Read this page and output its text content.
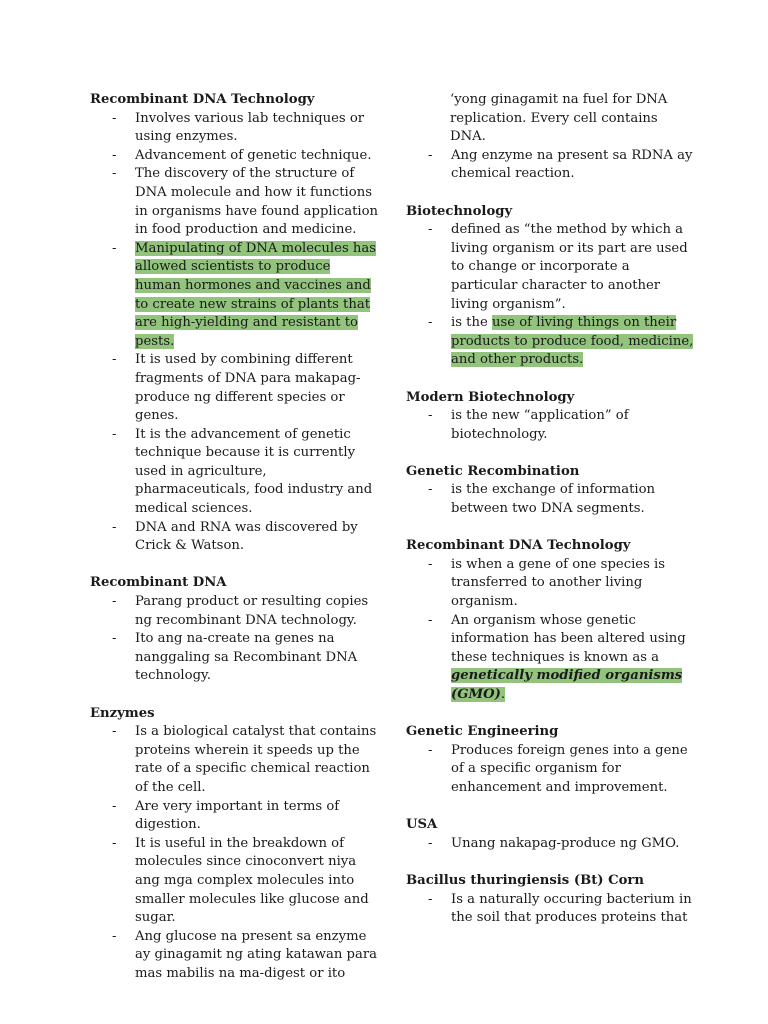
Recombinant DNA Technology

- Involves various lab techniques or using enzymes.
- Advancement of genetic technique.
- The discovery of the structure of DNA molecule and how it functions in organisms have found application in food production and medicine.
- Manipulating of DNA molecules has allowed scientists to produce human hormones and vaccines and to create new strains of plants that are high-yielding and resistant to pests.
- It is used by combining different fragments of DNA para makapag-produce ng different species or genes.
- It is the advancement of genetic technique because it is currently used in agriculture, pharmaceuticals, food industry and medical sciences.
- DNA and RNA was discovered by Crick & Watson.

Recombinant DNA

- Parang product or resulting copies ng recombinant DNA technology.
- Ito ang na-create na genes na nanggaling sa Recombinant DNA technology.

Enzymes

- Is a biological catalyst that contains proteins wherein it speeds up the rate of a specific chemical reaction of the cell.
- Are very important in terms of digestion.
- It is useful in the breakdown of molecules since cinoconvert niya ang mga complex molecules into smaller molecules like glucose and sugar.
- Ang glucose na present sa enzyme ay ginagamit ng ating katawan para mas mabilis na ma-digest or ito

‘yong ginagamit na fuel for DNA replication. Every cell contains DNA.

- Ang enzyme na present sa RDNA ay chemical reaction.

Biotechnology

- defined as “the method by which a living organism or its part are used to change or incorporate a particular character to another living organism”.
- is the use of living things on their products to produce food, medicine, and other products.

Modern Biotechnology

- is the new “application” of biotechnology.

Genetic Recombination

- is the exchange of information between two DNA segments.

Recombinant DNA Technology

- is when a gene of one species is transferred to another living organism.
- An organism whose genetic information has been altered using these techniques is known as a genetically modified organisms (GMO).

Genetic Engineering

- Produces foreign genes into a gene of a specific organism for enhancement and improvement.

USA

- Unang nakapag-produce ng GMO.

Bacillus thuringiensis (Bt) Corn

- Is a naturally occuring bacterium in the soil that produces proteins that
